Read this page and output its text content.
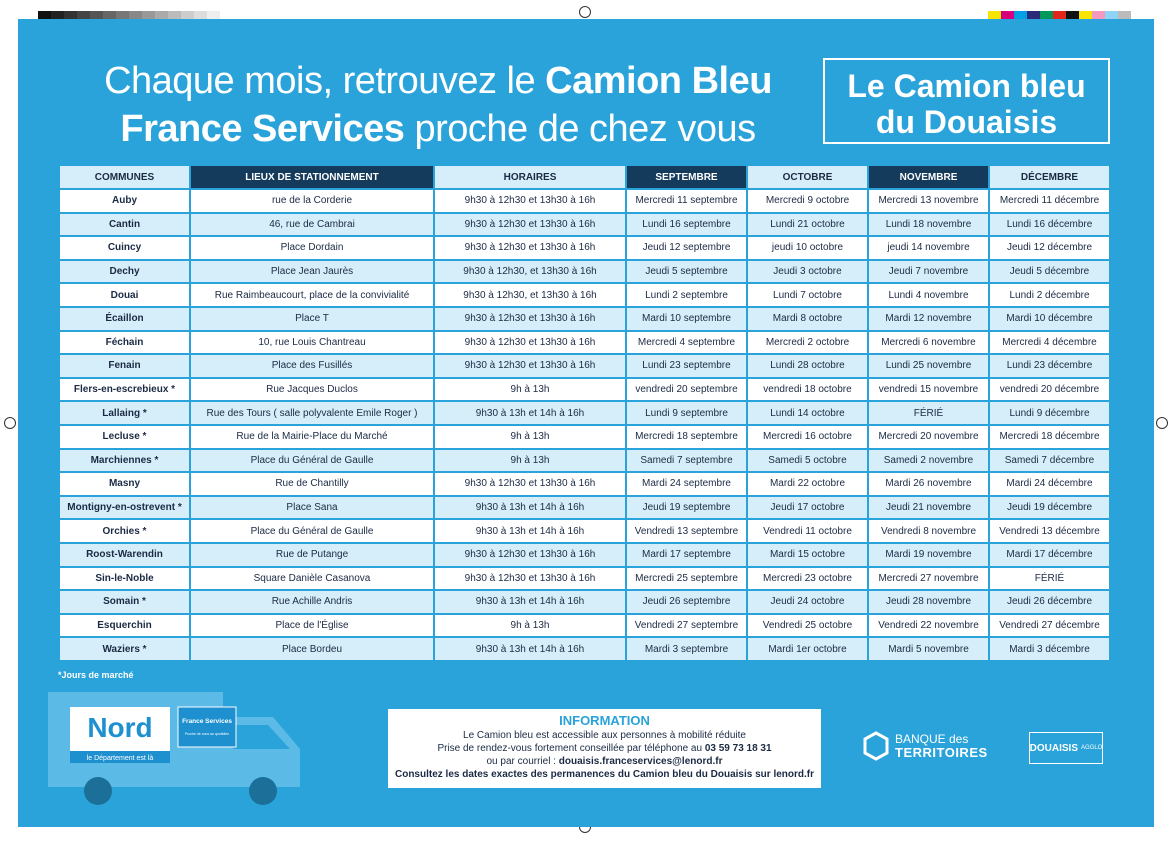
Chaque mois, retrouvez le Camion Bleu
France Services proche de chez vous
Le Camion bleu
du Douaisis
COMMUNES	LIEUX DE STATIONNEMENT	HORAIRES	SEPTEMBRE	OCTOBRE	NOVEMBRE	DÉCEMBRE
Auby	rue de la Corderie	9h30 à 12h30 et 13h30 à 16h	Mercredi 11 septembre	Mercredi 9 octobre	Mercredi 13 novembre	Mercredi 11 décembre
Cantin	46, rue de Cambrai	9h30 à 12h30 et 13h30 à 16h	Lundi 16 septembre	Lundi 21 octobre	Lundi 18 novembre	Lundi 16 décembre
Cuincy	Place Dordain	9h30 à 12h30 et 13h30 à 16h	Jeudi 12 septembre	jeudi 10 octobre	jeudi 14 novembre	Jeudi 12 décembre
Dechy	Place Jean Jaurès	9h30 à 12h30, et 13h30 à 16h	Jeudi 5 septembre	Jeudi 3 octobre	Jeudi 7 novembre	Jeudi 5 décembre
Douai	Rue Raimbeaucourt, place de la convivialité	9h30 à 12h30, et 13h30 à 16h	Lundi 2 septembre	Lundi 7 octobre	Lundi 4 novembre	Lundi 2 décembre
Écaillon	Place T	9h30 à 12h30 et 13h30 à 16h	Mardi 10 septembre	Mardi 8 octobre	Mardi 12 novembre	Mardi 10 décembre
Féchain	10, rue Louis Chantreau	9h30 à 12h30 et 13h30 à 16h	Mercredi 4 septembre	Mercredi 2 octobre	Mercredi 6 novembre	Mercredi 4 décembre
Fenain	Place des Fusillés	9h30 à 12h30 et 13h30 à 16h	Lundi 23 septembre	Lundi 28 octobre	Lundi 25 novembre	Lundi 23 décembre
Flers-en-escrebieux *	Rue Jacques Duclos	9h à 13h	vendredi 20 septembre	vendredi 18 octobre	vendredi 15 novembre	vendredi 20 décembre
Lallaing *	Rue des Tours ( salle polyvalente Emile Roger )	9h30 à 13h et 14h à 16h	Lundi 9 septembre	Lundi 14 octobre	FÉRIÉ	Lundi 9 décembre
Lecluse *	Rue de la Mairie-Place du Marché	9h à 13h	Mercredi 18 septembre	Mercredi 16 octobre	Mercredi 20 novembre	Mercredi 18 décembre
Marchiennes *	Place du Général de Gaulle	9h à 13h	Samedi 7 septembre	Samedi 5 octobre	Samedi 2 novembre	Samedi 7 décembre
Masny	Rue de Chantilly	9h30 à 12h30 et 13h30 à 16h	Mardi 24 septembre	Mardi 22 octobre	Mardi 26 novembre	Mardi 24 décembre
Montigny-en-ostrevent *	Place Sana	9h30 à 13h et 14h à 16h	Jeudi 19 septembre	Jeudi 17 octobre	Jeudi 21 novembre	Jeudi 19 décembre
Orchies *	Place du Général de Gaulle	9h30 à 13h et 14h à 16h	Vendredi 13 septembre	Vendredi 11 octobre	Vendredi 8 novembre	Vendredi 13 décembre
Roost-Warendin	Rue de Putange	9h30 à 12h30 et 13h30 à 16h	Mardi 17 septembre	Mardi 15 octobre	Mardi 19 novembre	Mardi 17 décembre
Sin-le-Noble	Square Danièle Casanova	9h30 à 12h30 et 13h30 à 16h	Mercredi 25 septembre	Mercredi 23 octobre	Mercredi 27 novembre	FÉRIÉ
Somain *	Rue Achille Andris	9h30 à 13h et 14h à 16h	Jeudi 26 septembre	Jeudi 24 octobre	Jeudi 28 novembre	Jeudi 26 décembre
Esquerchin	Place de l'Église	9h à 13h	Vendredi 27 septembre	Vendredi 25 octobre	Vendredi 22 novembre	Vendredi 27 décembre
Waziers *	Place Bordeu	9h30 à 13h et 14h à 16h	Mardi 3 septembre	Mardi 1er octobre	Mardi 5 novembre	Mardi 3 décembre
*Jours de marché
Nord
le Département est là
France Services
Proche de vous au quotidien
INFORMATION
Le Camion bleu est accessible aux personnes à mobilité réduite
Prise de rendez-vous fortement conseillée par téléphone au 03 59 73 18 31
ou par courriel : douaisis.franceservices@lenord.fr
Consultez les dates exactes des permanences du Camion bleu du Douaisis sur lenord.fr
BANQUE des
TERRITOIRES	DOUAISIS AGGLO
